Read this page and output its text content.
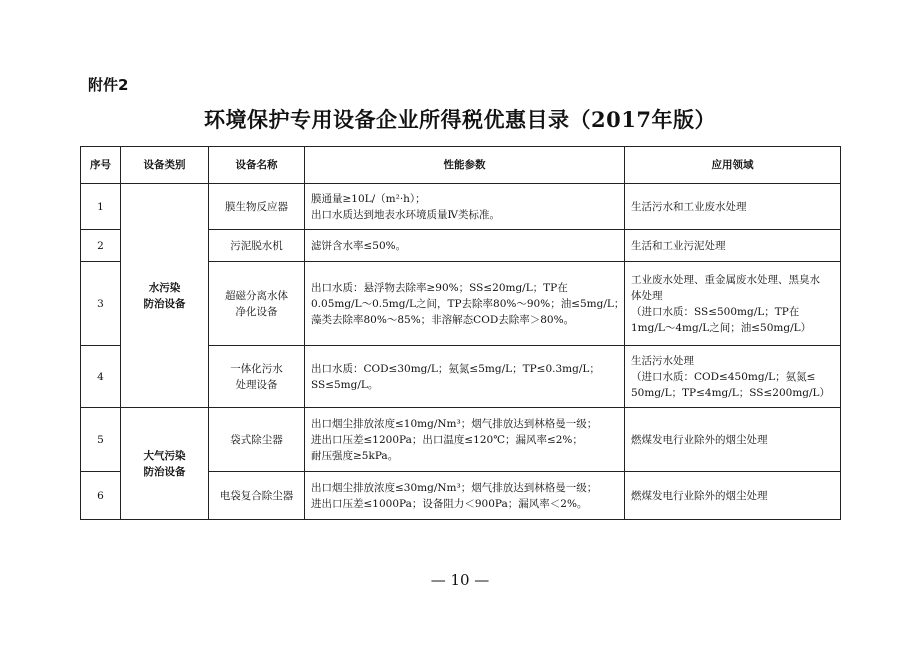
附件2
环境保护专用设备企业所得税优惠目录（2017年版）
序号	设备类别	设备名称	性能参数	应用领域
1	水污染
防治设备	膜生物反应器	膜通量≥10L/（m²·h）；
出口水质达到地表水环境质量Ⅳ类标准。	生活污水和工业废水处理

2		污泥脱水机	滤饼含水率≤50%。	生活和工业污泥处理

3		超磁分离水体
净化设备	出口水质：悬浮物去除率≥90%；SS≤20mg/L；TP在
0.05mg/L～0.5mg/L之间，TP去除率80%～90%；油≤5mg/L；
藻类去除率80%～85%；非溶解态COD去除率＞80%。	工业废水处理、重金属废水处理、黑臭水
体处理
（进口水质：SS≤500mg/L；TP在
1mg/L～4mg/L之间；油≤50mg/L）

4		一体化污水
处理设备	出口水质：COD≤30mg/L；氨氮≤5mg/L；TP≤0.3mg/L；
SS≤5mg/L。	生活污水处理
（进口水质：COD≤450mg/L；氨氮≤
50mg/L；TP≤4mg/L；SS≤200mg/L）

5	大气污染
防治设备	袋式除尘器	出口烟尘排放浓度≤10mg/Nm³；烟气排放达到林格曼一级；
进出口压差≤1200Pa；出口温度≤120℃；漏风率≤2%；
耐压强度≥5kPa。	燃煤发电行业除外的烟尘处理

6		电袋复合除尘器	出口烟尘排放浓度≤30mg/Nm³；烟气排放达到林格曼一级；
进出口压差≤1000Pa；设备阻力＜900Pa；漏风率＜2%。	燃煤发电行业除外的烟尘处理
— 10 —
